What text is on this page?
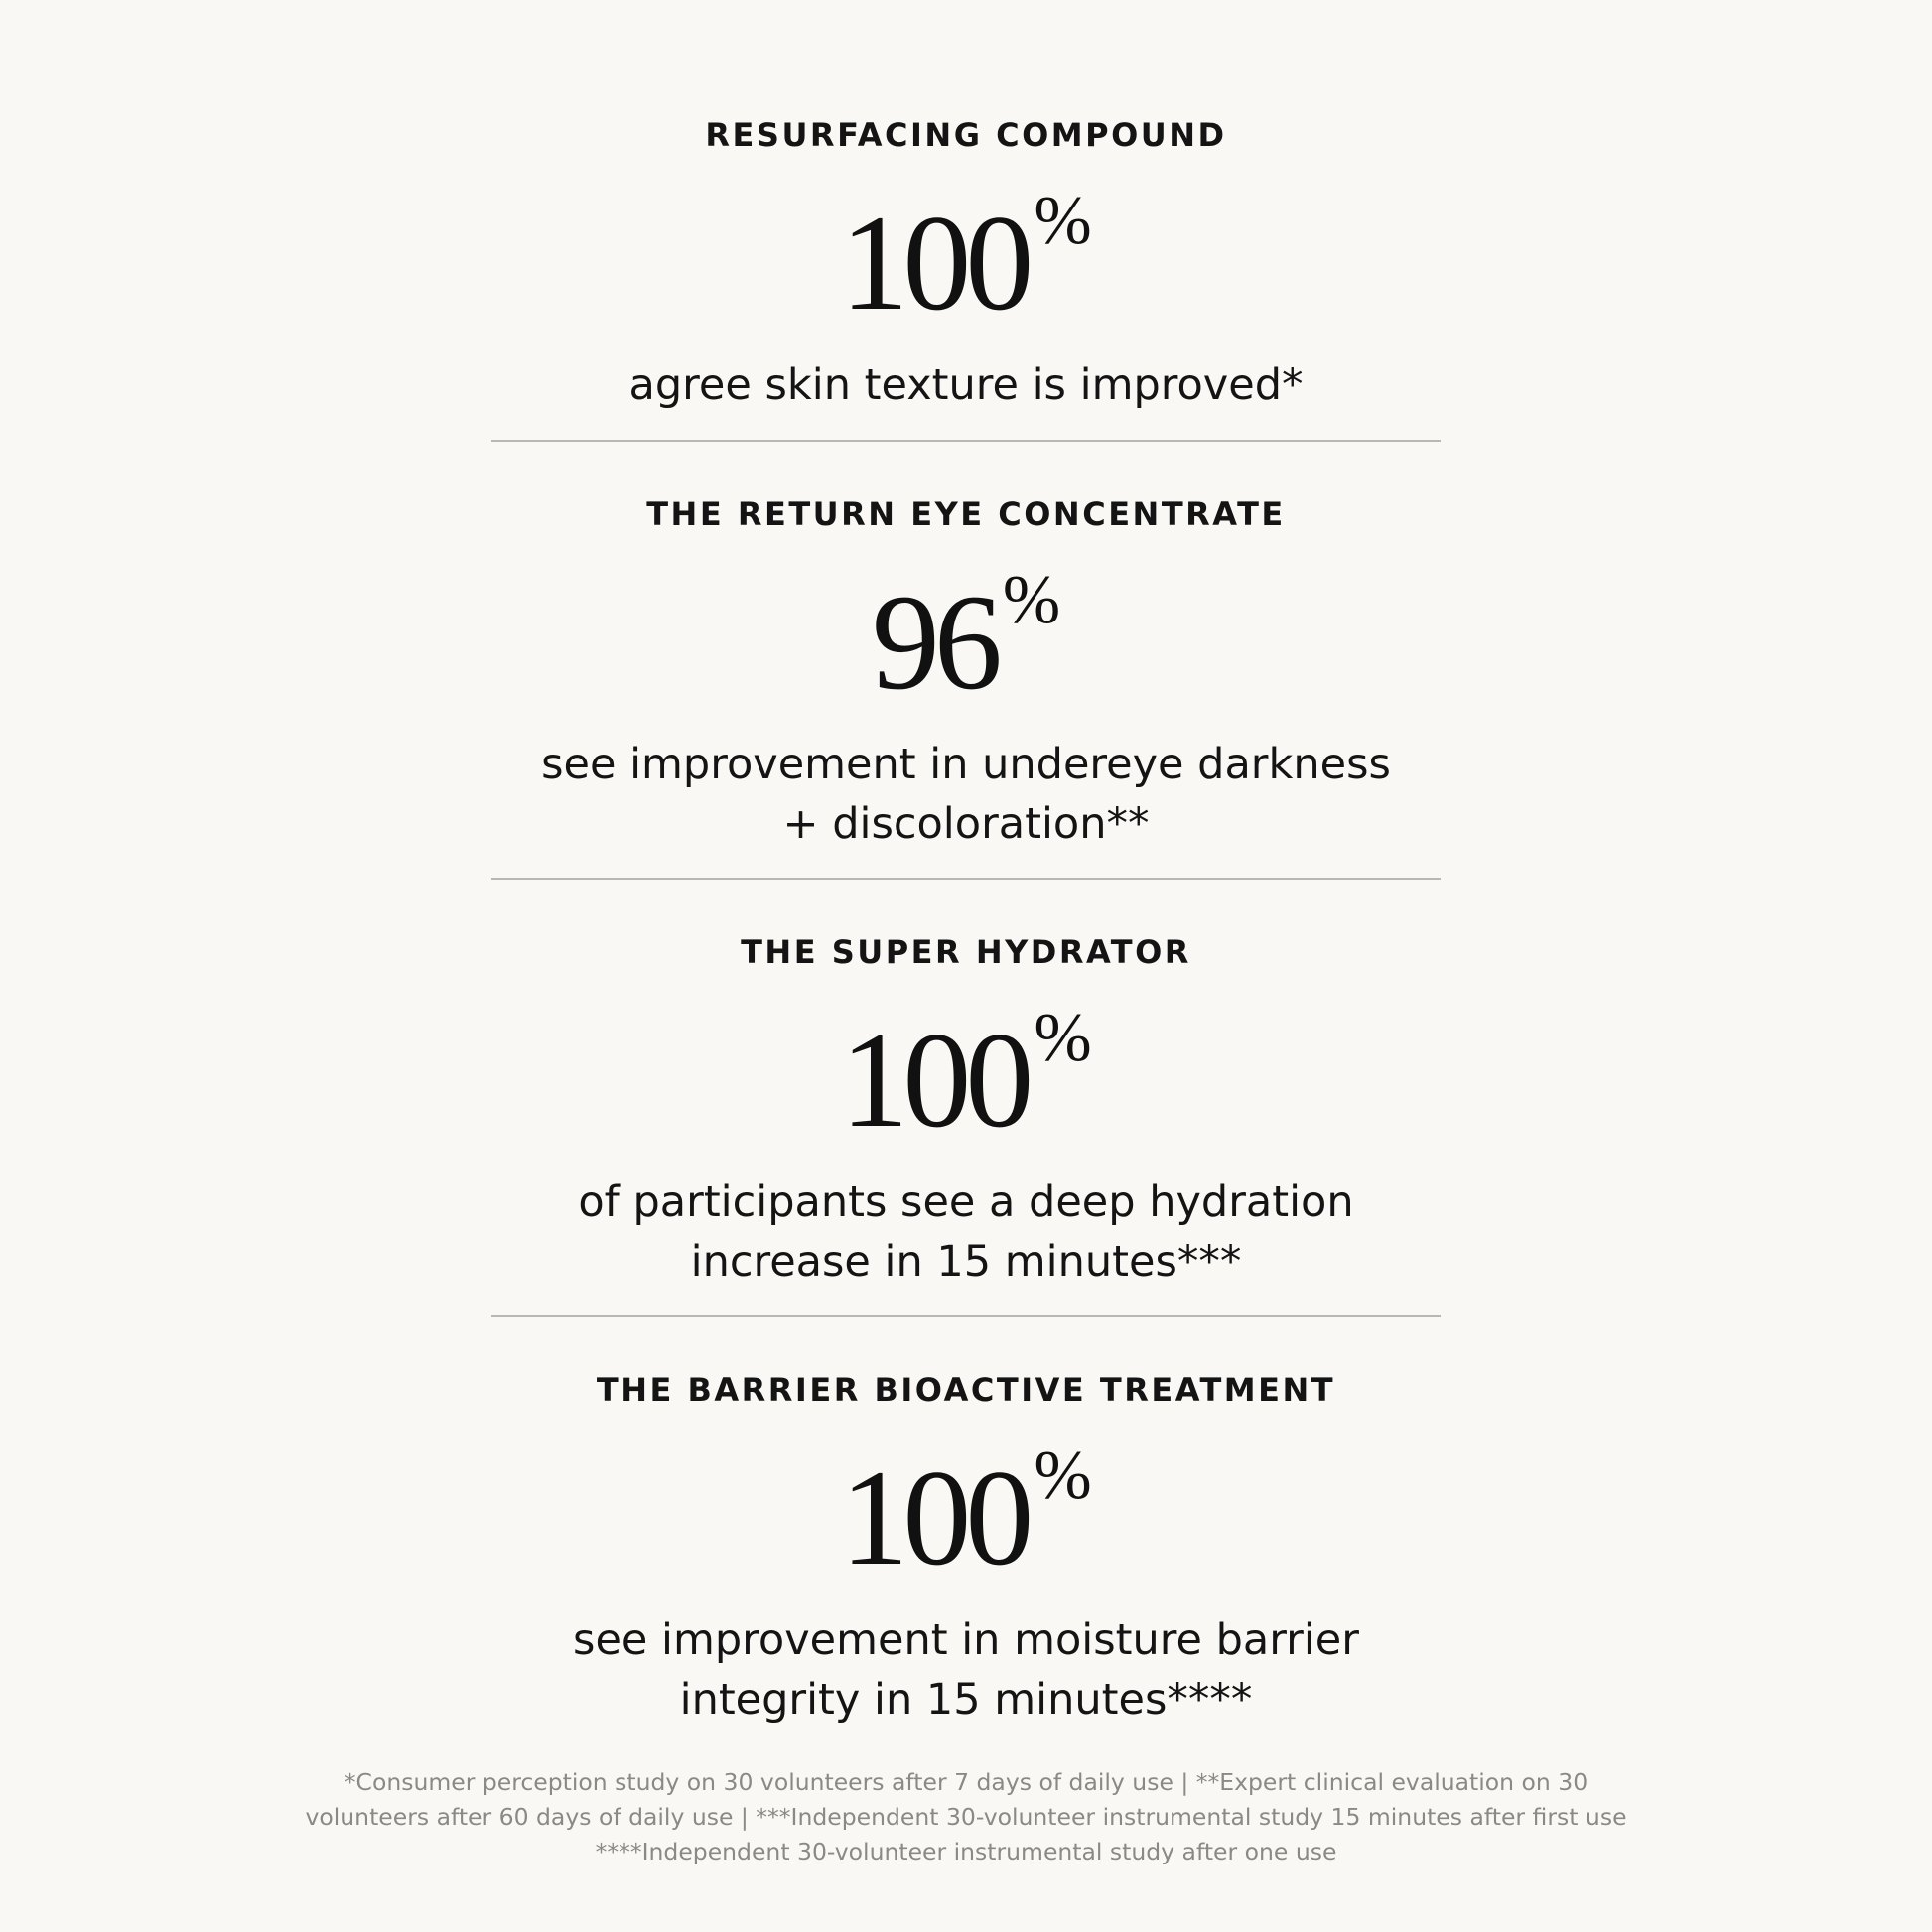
RESURFACING COMPOUND
100%

agree skin texture is improved*

THE RETURN EYE CONCENTRATE
96%

see improvement in undereye darkness
+ discoloration**

THE SUPER HYDRATOR
100%

of participants see a deep hydration
increase in 15 minutes***

THE BARRIER BIOACTIVE TREATMENT
100%

see improvement in moisture barrier
integrity in 15 minutes****

*Consumer perception study on 30 volunteers after 7 days of daily use | **Expert clinical evaluation on 30
volunteers after 60 days of daily use | ***Independent 30-volunteer instrumental study 15 minutes after first use
****Independent 30-volunteer instrumental study after one use
